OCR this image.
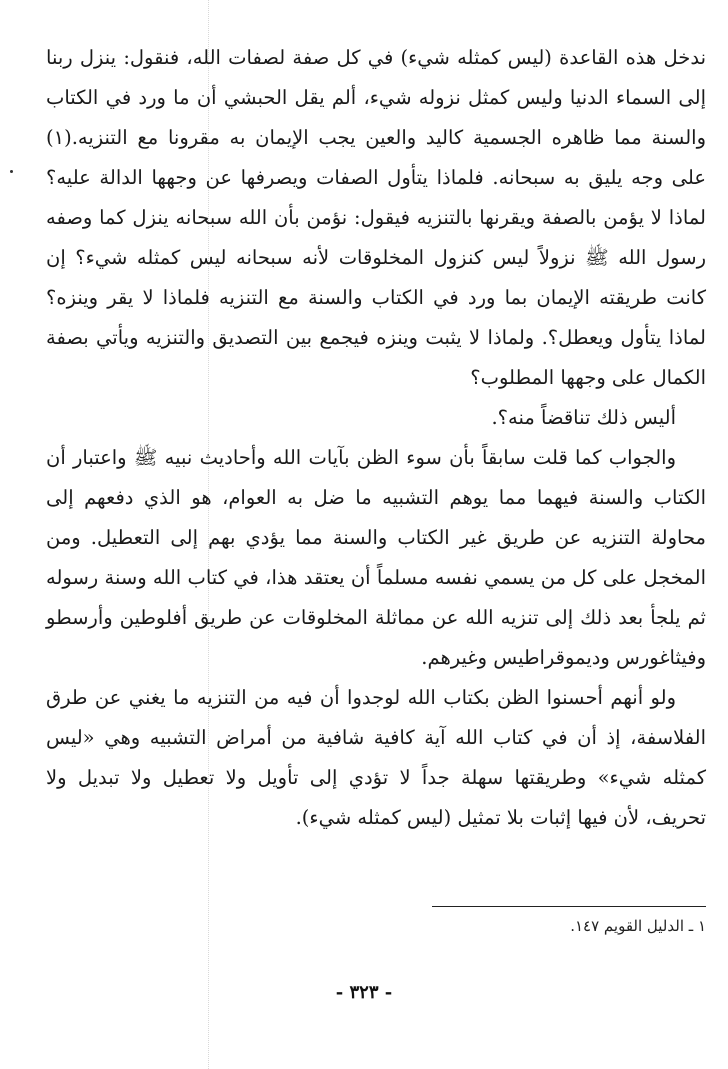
ندخل هذه القاعدة (ليس كمثله شيء) في كل صفة لصفات الله، فنقول: ينزل ربنا إلى السماء الدنيا وليس كمثل نزوله شيء، ألم يقل الحبشي أن ما ورد في الكتاب والسنة مما ظاهره الجسمية كاليد والعين يجب الإيمان به مقرونا مع التنزيه.(١) على وجه يليق به سبحانه. فلماذا يتأول الصفات ويصرفها عن وجهها الدالة عليه؟ لماذا لا يؤمن بالصفة ويقرنها بالتنزيه فيقول: نؤمن بأن الله سبحانه ينزل كما وصفه رسول الله ﷺ نزولاً ليس كنزول المخلوقات لأنه سبحانه ليس كمثله شيء؟ إن كانت طريقته الإيمان بما ورد في الكتاب والسنة مع التنزيه فلماذا لا يقر وينزه؟ لماذا يتأول ويعطل؟. ولماذا لا يثبت وينزه فيجمع بين التصديق والتنزيه ويأتي بصفة الكمال على وجهها المطلوب؟

أليس ذلك تناقضاً منه؟.

والجواب كما قلت سابقاً بأن سوء الظن بآيات الله وأحاديث نبيه ﷺ واعتبار أن الكتاب والسنة فيهما مما يوهم التشبيه ما ضل به العوام، هو الذي دفعهم إلى محاولة التنزيه عن طريق غير الكتاب والسنة مما يؤدي بهم إلى التعطيل. ومن المخجل على كل من يسمي نفسه مسلماً أن يعتقد هذا، في كتاب الله وسنة رسوله ثم يلجأ بعد ذلك إلى تنزيه الله عن مماثلة المخلوقات عن طريق أفلوطين وأرسطو وفيثاغورس وديموقراطيس وغيرهم.

ولو أنهم أحسنوا الظن بكتاب الله لوجدوا أن فيه من التنزيه ما يغني عن طرق الفلاسفة، إذ أن في كتاب الله آية كافية شافية من أمراض التشبيه وهي «ليس كمثله شيء» وطريقتها سهلة جداً لا تؤدي إلى تأويل ولا تعطيل ولا تبديل ولا تحريف، لأن فيها إثبات بلا تمثيل (ليس كمثله شيء).

١ ـ الدليل القويم ١٤٧.
- ٣٢٣ -
